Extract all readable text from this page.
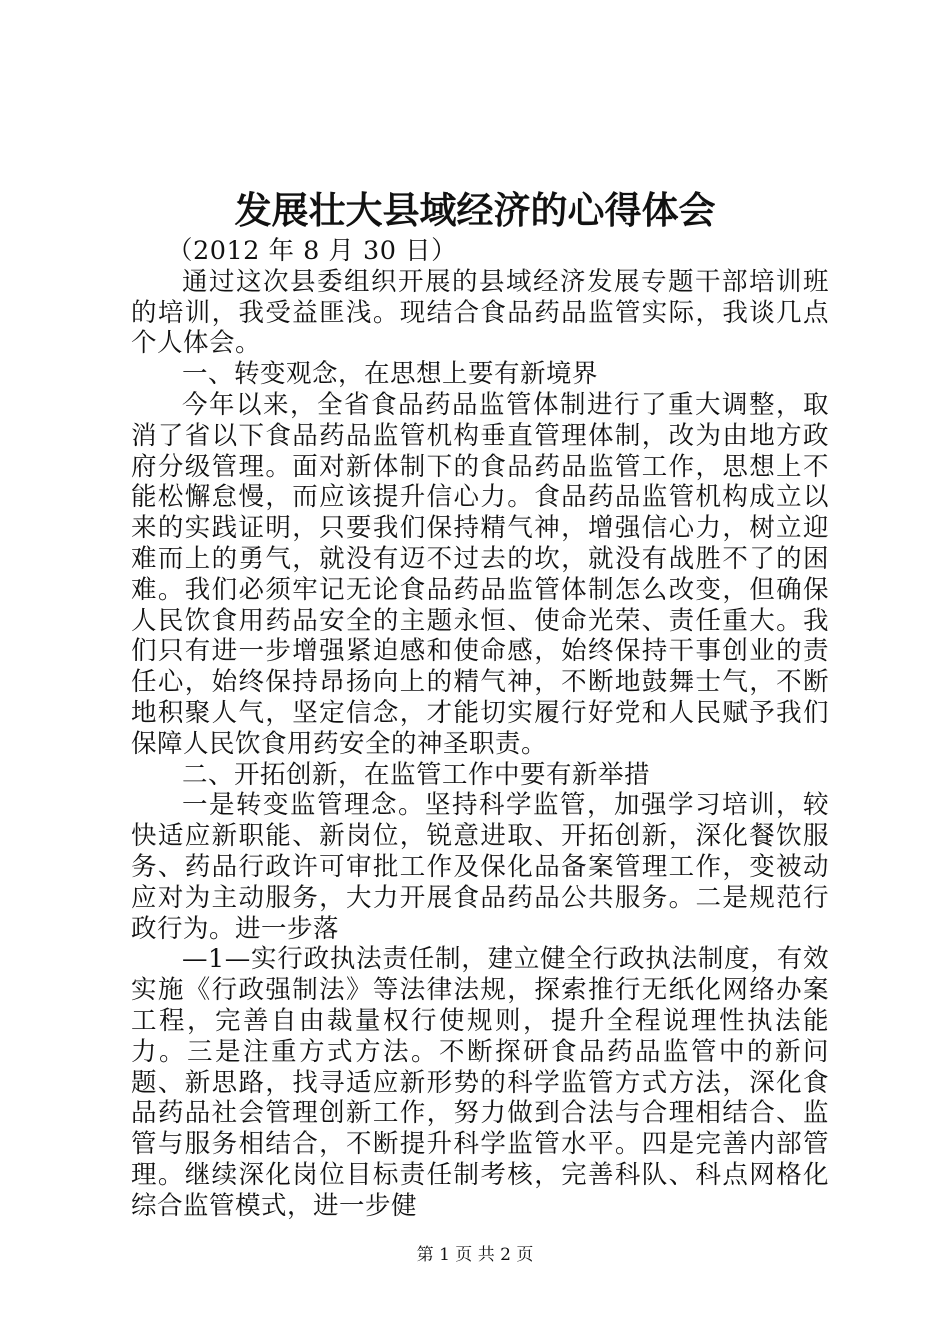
发展壮大县域经济的心得体会

（2012 年 8 月 30 日）

通过这次县委组织开展的县域经济发展专题干部培训班的培训，我受益匪浅。现结合食品药品监管实际，我谈几点个人体会。

一、转变观念，在思想上要有新境界

今年以来，全省食品药品监管体制进行了重大调整，取消了省以下食品药品监管机构垂直管理体制，改为由地方政府分级管理。面对新体制下的食品药品监管工作，思想上不能松懈怠慢，而应该提升信心力。食品药品监管机构成立以来的实践证明，只要我们保持精气神，增强信心力，树立迎难而上的勇气，就没有迈不过去的坎，就没有战胜不了的困难。我们必须牢记无论食品药品监管体制怎么改变，但确保人民饮食用药品安全的主题永恒、使命光荣、责任重大。我们只有进一步增强紧迫感和使命感，始终保持干事创业的责任心，始终保持昂扬向上的精气神，不断地鼓舞士气，不断地积聚人气，坚定信念，才能切实履行好党和人民赋予我们保障人民饮食用药安全的神圣职责。

二、开拓创新，在监管工作中要有新举措

一是转变监管理念。坚持科学监管，加强学习培训，较快适应新职能、新岗位，锐意进取、开拓创新，深化餐饮服务、药品行政许可审批工作及保化品备案管理工作，变被动应对为主动服务，大力开展食品药品公共服务。二是规范行政行为。进一步落

—1—实行政执法责任制，建立健全行政执法制度，有效实施《行政强制法》等法律法规，探索推行无纸化网络办案工程，完善自由裁量权行使规则，提升全程说理性执法能力。三是注重方式方法。不断探研食品药品监管中的新问题、新思路，找寻适应新形势的科学监管方式方法，深化食品药品社会管理创新工作，努力做到合法与合理相结合、监管与服务相结合，不断提升科学监管水平。四是完善内部管理。继续深化岗位目标责任制考核，完善科队、科点网格化综合监管模式，进一步健

第 1 页 共 2 页
